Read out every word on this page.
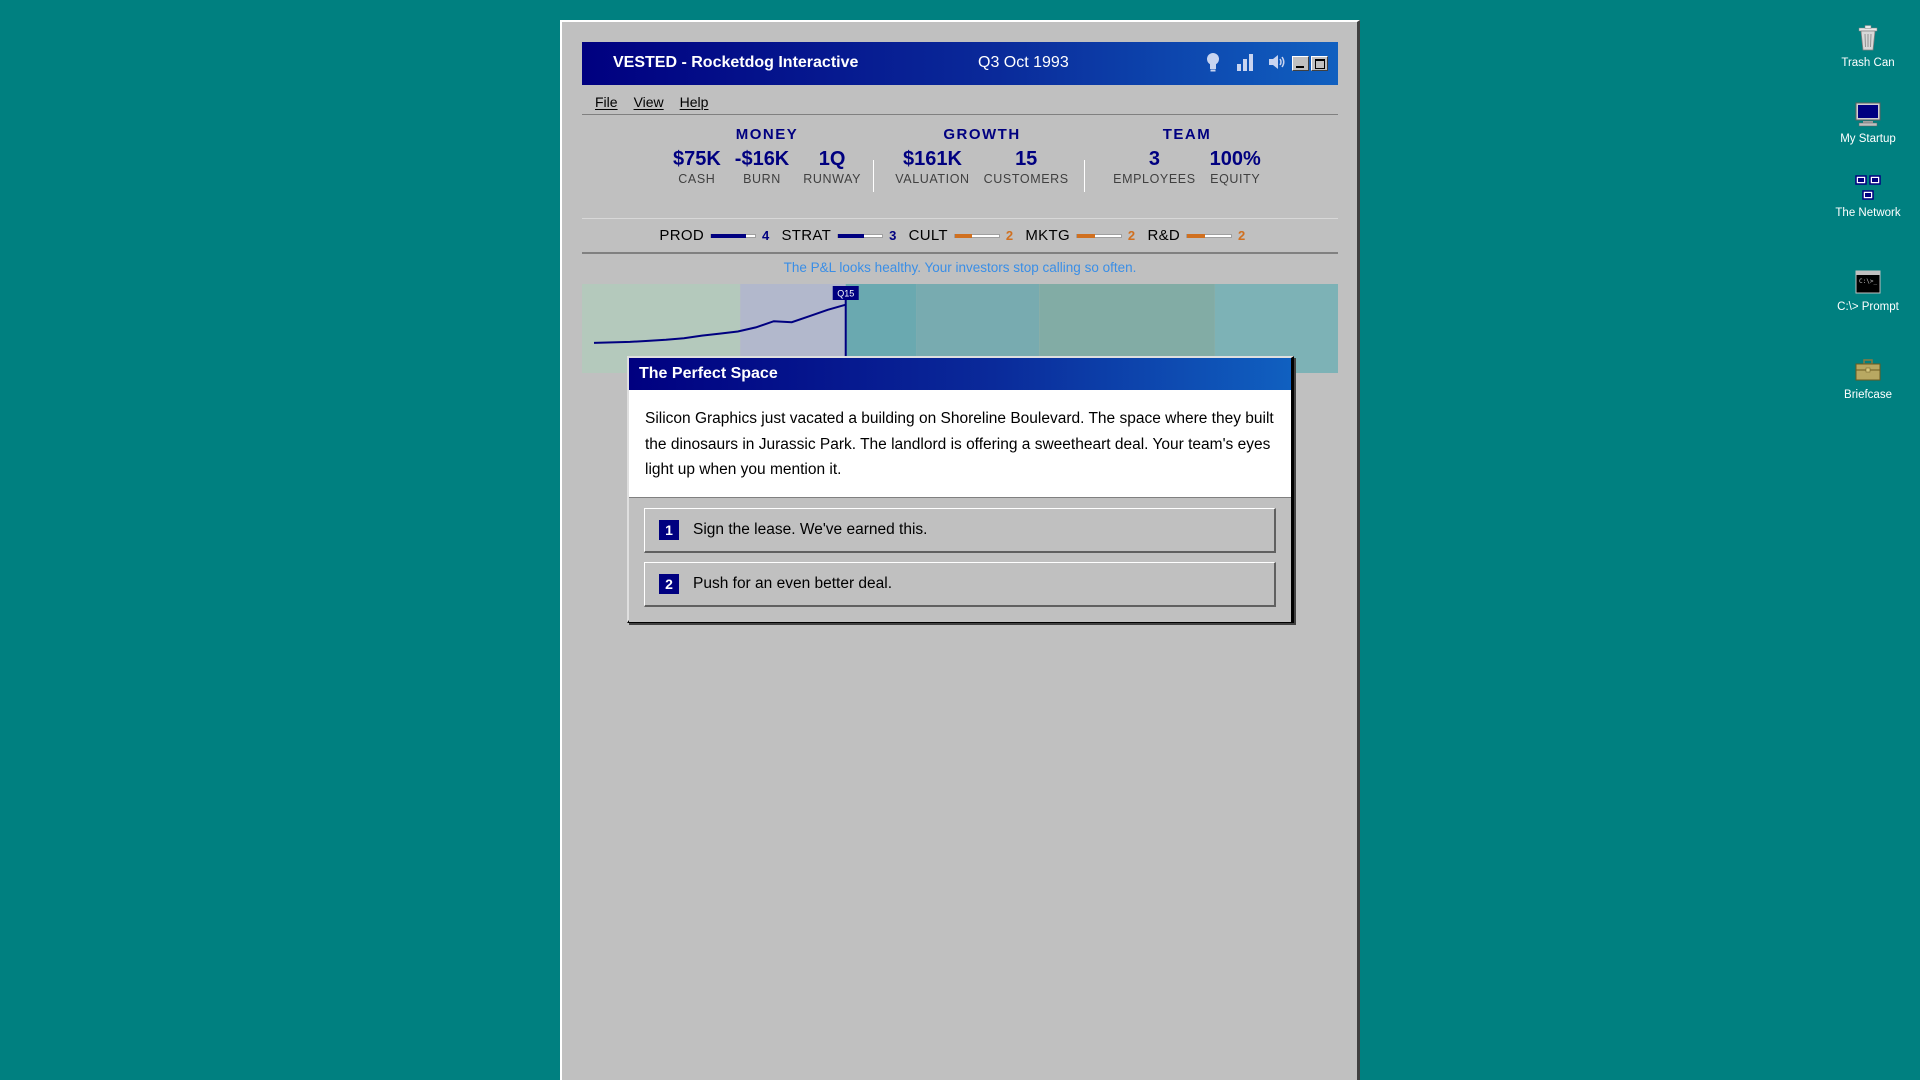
VESTED - Rocketdog Interactive	Q3 Oct 1993
File View Help
MONEY
$75K
CASH
-$16K
BURN
1Q
RUNWAY
GROWTH
$161K
VALUATION
15
CUSTOMERS
TEAM
3
EMPLOYEES
100%
EQUITY
PROD	4 STRAT	3 CULT	2 MKTG	2 R&D	2
The P&L looks healthy. Your investors stop calling so often.
Q15
The Perfect Space
Silicon Graphics just vacated a building on Shoreline Boulevard. The space where they built the dinosaurs in Jurassic Park. The landlord is offering a sweetheart deal. Your team's eyes light up when you mention it.
1	Sign the lease. We've earned this.
2	Push for an even better deal.
Trash Can
My Startup
The Network
C:\>_
C:\> Prompt
Briefcase
